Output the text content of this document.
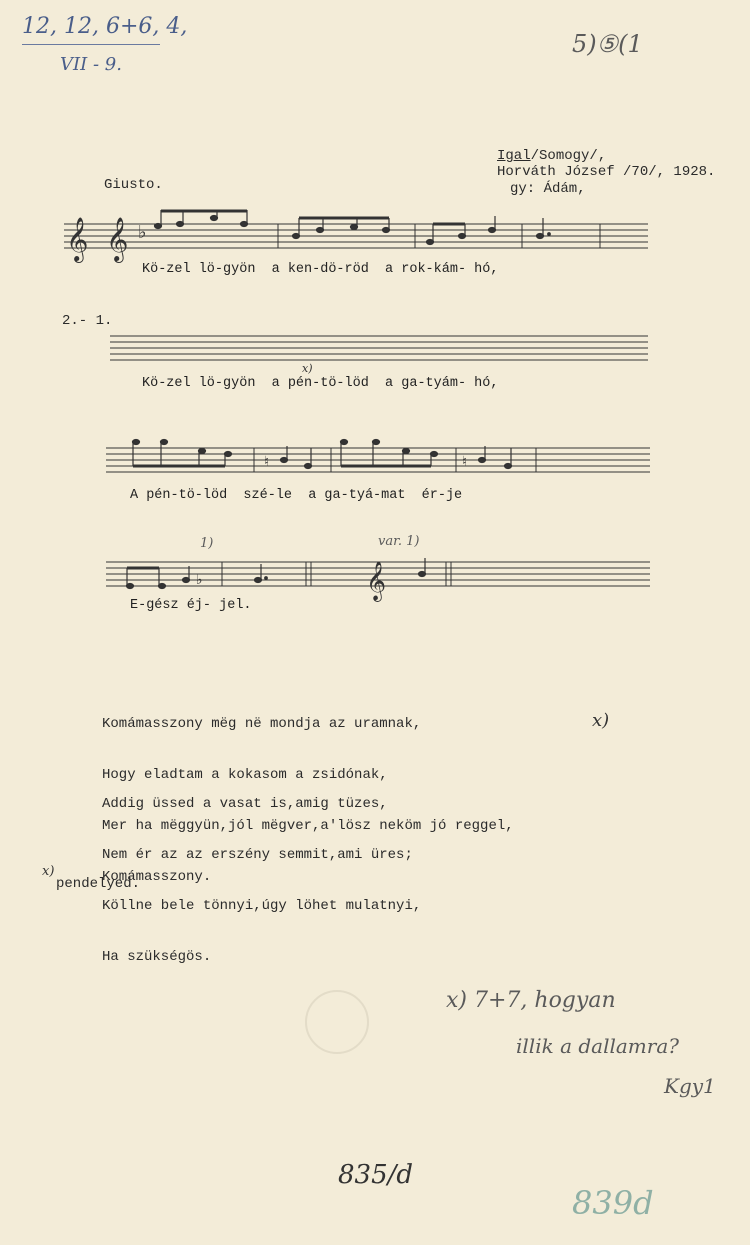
12, 12, 6+6, 4,
VII - 9.
5)⑤(1
Igal/Somogy/,
Horváth József /70/, 1928.
gy: Ádám,
Giusto.
𝄞 𝄞 ♭
Kö-zel lö-gyön  a ken-dö-röd  a rok-kám- hó,
2.- 1.
Kö-zel lö-gyön  a pén-tö-löd  a ga-tyám- hó,
x)
♮	♮
A pén-tö-löd  szé-le  a ga-tyá-mat  ér-je
1)	var. 1)
♭	𝄞
E-gész éj- jel.

Komámasszony mëg në mondja az uramnak,

Hogy eladtam a kokasom a zsidónak,

Mer ha mëggyün,jól mëgver,a'lösz neköm jó reggel,

Komámasszony.

x)

Addig üssed a vasat is,amig tüzes,

Nem ér az az erszény semmit,ami üres;

Köllne bele tönnyi,úgy löhet mulatnyi,

Ha szükségös.

x)
pendelyed.
x) 7+7, hogyan
illik a dallamra?
Kgy1
835/d
839d
